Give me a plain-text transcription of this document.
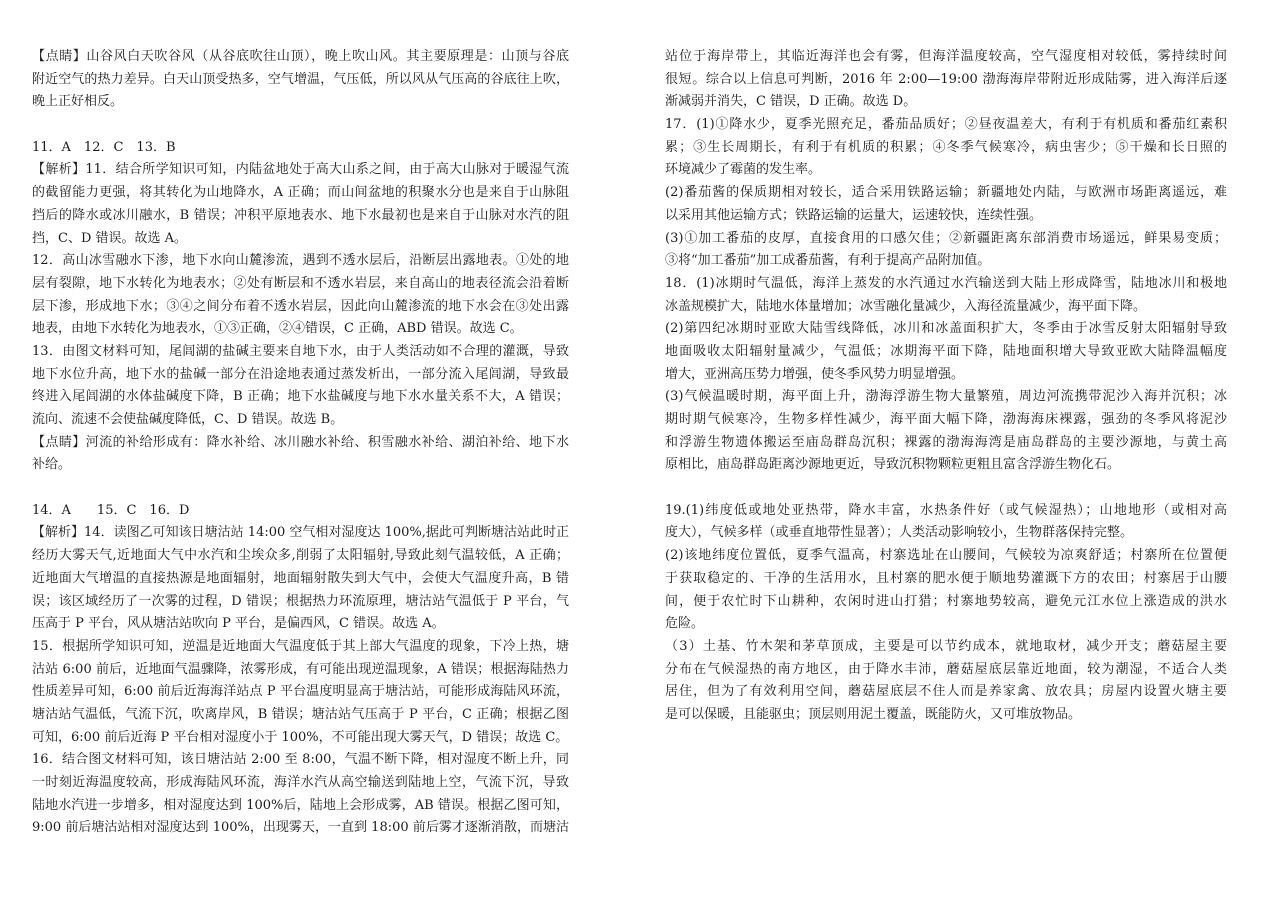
【点睛】山谷风白天吹谷风（从谷底吹往山顶），晚上吹山风。其主要原理是：山顶与谷底
附近空气的热力差异。白天山顶受热多，空气增温，气压低，所以风从气压高的谷底往上吹，
晚上正好相反。
11．A　12．C　13．B
【解析】11．结合所学知识可知，内陆盆地处于高大山系之间，由于高大山脉对于暖湿气流
的截留能力更强，将其转化为山地降水，A 正确；而山间盆地的积聚水分也是来自于山脉阻
挡后的降水或冰川融水，B 错误；冲积平原地表水、地下水最初也是来自于山脉对水汽的阻
挡，C、D 错误。故选 A。
12．高山冰雪融水下渗，地下水向山麓渗流，遇到不透水层后，沿断层出露地表。①处的地
层有裂隙，地下水转化为地表水；②处有断层和不透水岩层，来自高山的地表径流会沿着断
层下渗，形成地下水；③④之间分布着不透水岩层，因此向山麓渗流的地下水会在③处出露
地表，由地下水转化为地表水，①③正确，②④错误，C 正确，ABD 错误。故选 C。
13．由图文材料可知，尾闾湖的盐碱主要来自地下水，由于人类活动如不合理的灌溉，导致
地下水位升高，地下水的盐碱一部分在沿途地表通过蒸发析出，一部分流入尾闾湖，导致最
终进入尾闾湖的水体盐碱度下降，B 正确；地下水盐碱度与地下水水量关系不大，A 错误；
流向、流速不会使盐碱度降低，C、D 错误。故选 B。
【点睛】河流的补给形成有：降水补给、冰川融水补给、积雪融水补给、湖泊补给、地下水
补给。
14．A　　15．C　16．D
【解析】14．读图乙可知该日塘沽站 14:00 空气相对湿度达 100%,据此可判断塘沽站此时正
经历大雾天气,近地面大气中水汽和尘埃众多,削弱了太阳辐射,导致此刻气温较低，A 正确；
近地面大气增温的直接热源是地面辐射，地面辐射散失到大气中，会使大气温度升高，B 错
误；该区域经历了一次雾的过程，D 错误；根据热力环流原理，塘沽站气温低于 P 平台，气
压高于 P 平台，风从塘沽站吹向 P 平台，是偏西风，C 错误。故选 A。
15．根据所学知识可知，逆温是近地面大气温度低于其上部大气温度的现象，下冷上热，塘
沽站 6:00 前后，近地面气温骤降，浓雾形成，有可能出现逆温现象，A 错误；根据海陆热力
性质差异可知，6:00 前后近海海洋站点 P 平台温度明显高于塘沽站，可能形成海陆风环流，
塘沽站气温低，气流下沉，吹离岸风，B 错误；塘沽站气压高于 P 平台，C 正确；根据乙图
可知，6:00 前后近海 P 平台相对湿度小于 100%，不可能出现大雾天气，D 错误；故选 C。
16．结合图文材料可知，该日塘沽站 2:00 至 8:00，气温不断下降，相对湿度不断上升，同
一时刻近海温度较高，形成海陆风环流，海洋水汽从高空输送到陆地上空，气流下沉，导致
陆地水汽进一步增多，相对湿度达到 100%后，陆地上会形成雾，AB 错误。根据乙图可知，
9:00 前后塘沽站相对湿度达到 100%，出现雾天，一直到 18:00 前后雾才逐渐消散，而塘沽
站位于海岸带上，其临近海洋也会有雾，但海洋温度较高，空气湿度相对较低，雾持续时间
很短。综合以上信息可判断，2016 年 2:00—19:00 渤海海岸带附近形成陆雾，进入海洋后逐
渐减弱并消失，C 错误，D 正确。故选 D。
17．(1)①降水少，夏季光照充足，番茄品质好；②昼夜温差大，有利于有机质和番茄红素积
累；③生长周期长，有利于有机质的积累；④冬季气候寒冷，病虫害少；⑤干燥和长日照的
环境减少了霉菌的发生率。
(2)番茄酱的保质期相对较长，适合采用铁路运输；新疆地处内陆，与欧洲市场距离遥远，难
以采用其他运输方式；铁路运输的运量大，运速较快，连续性强。
(3)①加工番茄的皮厚，直接食用的口感欠佳；②新疆距离东部消费市场遥远，鲜果易变质；
③将“加工番茄”加工成番茄酱，有利于提高产品附加值。
18．(1)冰期时气温低，海洋上蒸发的水汽通过水汽输送到大陆上形成降雪，陆地冰川和极地
冰盖规模扩大，陆地水体量增加；冰雪融化量减少，入海径流量减少，海平面下降。
(2)第四纪冰期时亚欧大陆雪线降低，冰川和冰盖面积扩大，冬季由于冰雪反射太阳辐射导致
地面吸收太阳辐射量减少，气温低；冰期海平面下降，陆地面积增大导致亚欧大陆降温幅度
增大，亚洲高压势力增强，使冬季风势力明显增强。
(3)气候温暖时期，海平面上升，渤海浮游生物大量繁殖，周边河流携带泥沙入海并沉积；冰
期时期气候寒冷，生物多样性减少，海平面大幅下降，渤海海床裸露，强劲的冬季风将泥沙
和浮游生物遗体搬运至庙岛群岛沉积；裸露的渤海海湾是庙岛群岛的主要沙源地，与黄土高
原相比，庙岛群岛距离沙源地更近，导致沉积物颗粒更粗且富含浮游生物化石。
19.(1)纬度低或地处亚热带，降水丰富，水热条件好（或气候湿热）；山地地形（或相对高
度大），气候多样（或垂直地带性显著）；人类活动影响较小，生物群落保持完整。
(2)该地纬度位置低，夏季气温高，村寨选址在山腰间，气候较为凉爽舒适；村寨所在位置便
于获取稳定的、干净的生活用水，且村寨的肥水便于顺地势灌溉下方的农田；村寨居于山腰
间，便于农忙时下山耕种，农闲时进山打猎；村寨地势较高，避免元江水位上涨造成的洪水
危险。
（3）土基、竹木架和茅草顶成，主要是可以节约成本，就地取材，减少开支；蘑菇屋主要
分布在气候湿热的南方地区，由于降水丰沛，蘑菇屋底层靠近地面，较为潮湿，不适合人类
居住，但为了有效利用空间，蘑菇屋底层不住人而是养家禽、放农具；房屋内设置火塘主要
是可以保暖，且能驱虫；顶层则用泥土覆盖，既能防火，又可堆放物品。
